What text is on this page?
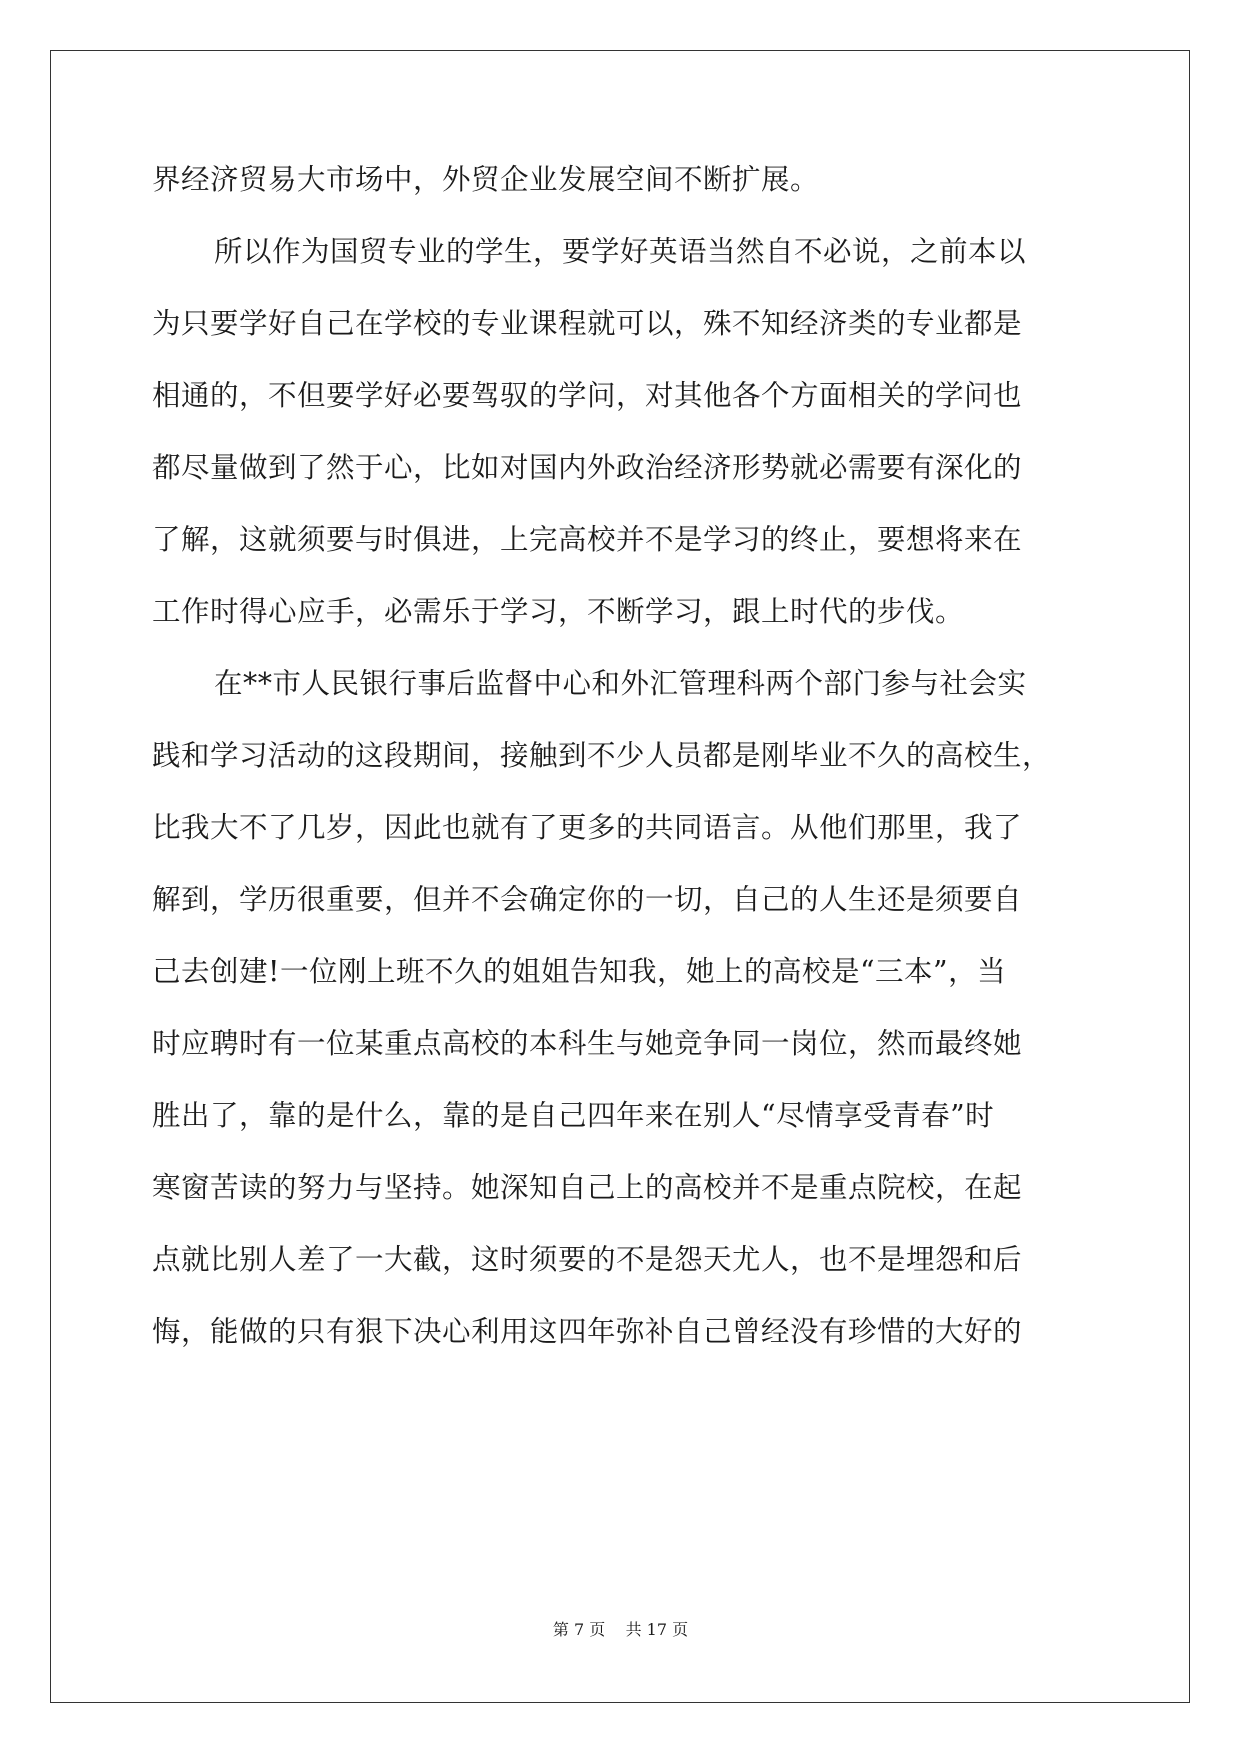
界经济贸易大市场中，外贸企业发展空间不断扩展。
所以作为国贸专业的学生，要学好英语当然自不必说，之前本以
为只要学好自己在学校的专业课程就可以，殊不知经济类的专业都是
相通的，不但要学好必要驾驭的学问，对其他各个方面相关的学问也
都尽量做到了然于心，比如对国内外政治经济形势就必需要有深化的
了解，这就须要与时俱进，上完高校并不是学习的终止，要想将来在
工作时得心应手，必需乐于学习，不断学习，跟上时代的步伐。
在**市人民银行事后监督中心和外汇管理科两个部门参与社会实
践和学习活动的这段期间，接触到不少人员都是刚毕业不久的高校生，
比我大不了几岁，因此也就有了更多的共同语言。从他们那里，我了
解到，学历很重要，但并不会确定你的一切，自己的人生还是须要自
己去创建!一位刚上班不久的姐姐告知我，她上的高校是“三本”，当
时应聘时有一位某重点高校的本科生与她竞争同一岗位，然而最终她
胜出了，靠的是什么，靠的是自己四年来在别人“尽情享受青春”时
寒窗苦读的努力与坚持。她深知自己上的高校并不是重点院校，在起
点就比别人差了一大截，这时须要的不是怨天尤人，也不是埋怨和后
悔，能做的只有狠下决心利用这四年弥补自己曾经没有珍惜的大好的
第 7 页    共 17 页
